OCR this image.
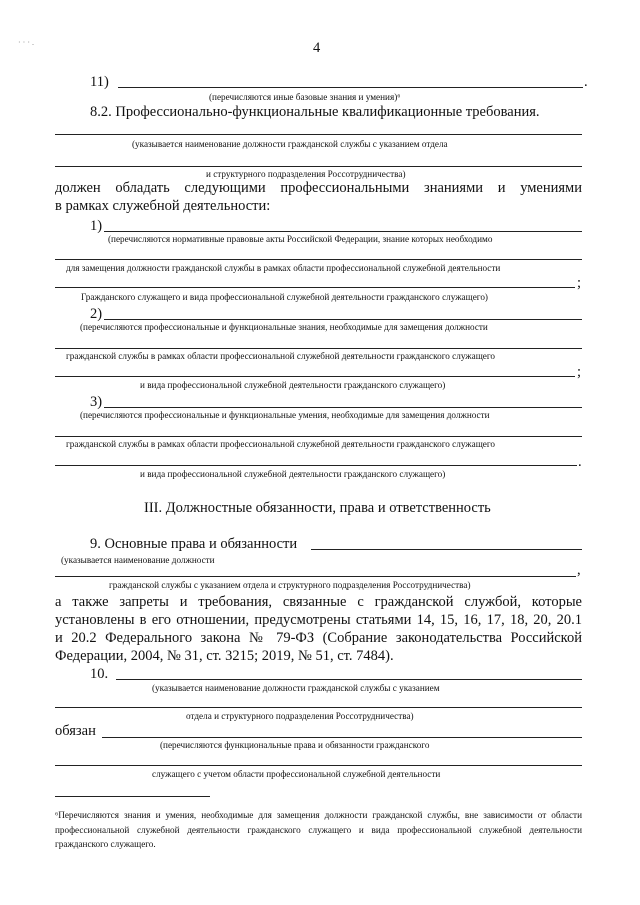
· · · .	4
11)	.
(перечисляются иные базовые знания и умения)⁶
8.2. Профессионально-функциональные квалификационные требования.
(указывается наименование должности гражданской службы с указанием отдела
и структурного подразделения Россотрудничества)
должен обладать следующими профессиональными знаниями и умениями
в рамках служебной деятельности:
1)
(перечисляются нормативные правовые акты Российской Федерации, знание которых необходимо
для замещения должности гражданской службы в рамках области профессиональной служебной деятельности
;
Гражданского служащего и вида профессиональной служебной деятельности гражданского служащего)
2)
(перечисляются профессиональные и функциональные знания, необходимые для замещения должности
гражданской службы в рамках области профессиональной служебной деятельности гражданского служащего
;
и вида профессиональной служебной деятельности гражданского служащего)
3)
(перечисляются профессиональные и функциональные умения, необходимые для замещения должности
гражданской службы в рамках области профессиональной служебной деятельности гражданского служащего
.
и вида профессиональной служебной деятельности гражданского служащего)
III. Должностные обязанности, права и ответственность
9. Основные права и обязанности
(указывается наименование должности
,
гражданской службы с указанием отдела и структурного подразделения Россотрудничества)
а также запреты и требования, связанные с гражданской службой, которые
установлены в его отношении, предусмотрены статьями 14, 15, 16, 17, 18, 20, 20.1
и 20.2 Федерального закона № 79-ФЗ (Собрание законодательства Российской
Федерации, 2004, № 31, ст. 3215; 2019, № 51, ст. 7484).
10.
(указывается наименование должности гражданской службы с указанием
отдела и структурного подразделения Россотрудничества)
обязан
(перечисляются функциональные права и обязанности гражданского
служащего с учетом области профессиональной служебной деятельности
⁶Перечисляются знания и умения, необходимые для замещения должности гражданской службы, вне зависимости от области профессиональной служебной деятельности гражданского служащего и вида профессиональной служебной деятельности гражданского служащего.
